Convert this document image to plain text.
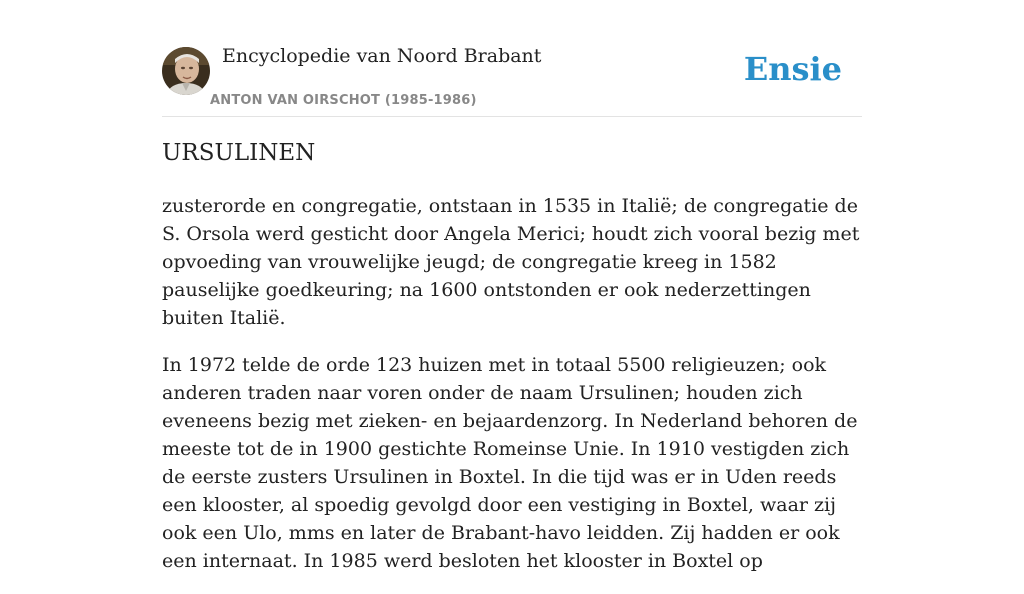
Encyclopedie van Noord Brabant
ANTON VAN OIRSCHOT (1985-1986)
Ensie
URSULINEN

zusterorde en congregatie, ontstaan in 1535 in Italië; de congregatie de S. Orsola werd gesticht door Angela Merici; houdt zich vooral bezig met opvoeding van vrouwelijke jeugd; de congregatie kreeg in 1582 pauselijke goedkeuring; na 1600 ontstonden er ook nederzettingen buiten Italië.

In 1972 telde de orde 123 huizen met in totaal 5500 religieuzen; ook anderen traden naar voren onder de naam Ursulinen; houden zich eveneens bezig met zieken- en bejaardenzorg. In Nederland behoren de meeste tot de in 1900 gestichte Romeinse Unie. In 1910 vestigden zich de eerste zusters Ursulinen in Boxtel. In die tijd was er in Uden reeds een klooster, al spoedig gevolgd door een vestiging in Boxtel, waar zij ook een Ulo, mms en later de Brabant-havo leidden. Zij hadden er ook een internaat. In 1985 werd besloten het klooster in Boxtel op
